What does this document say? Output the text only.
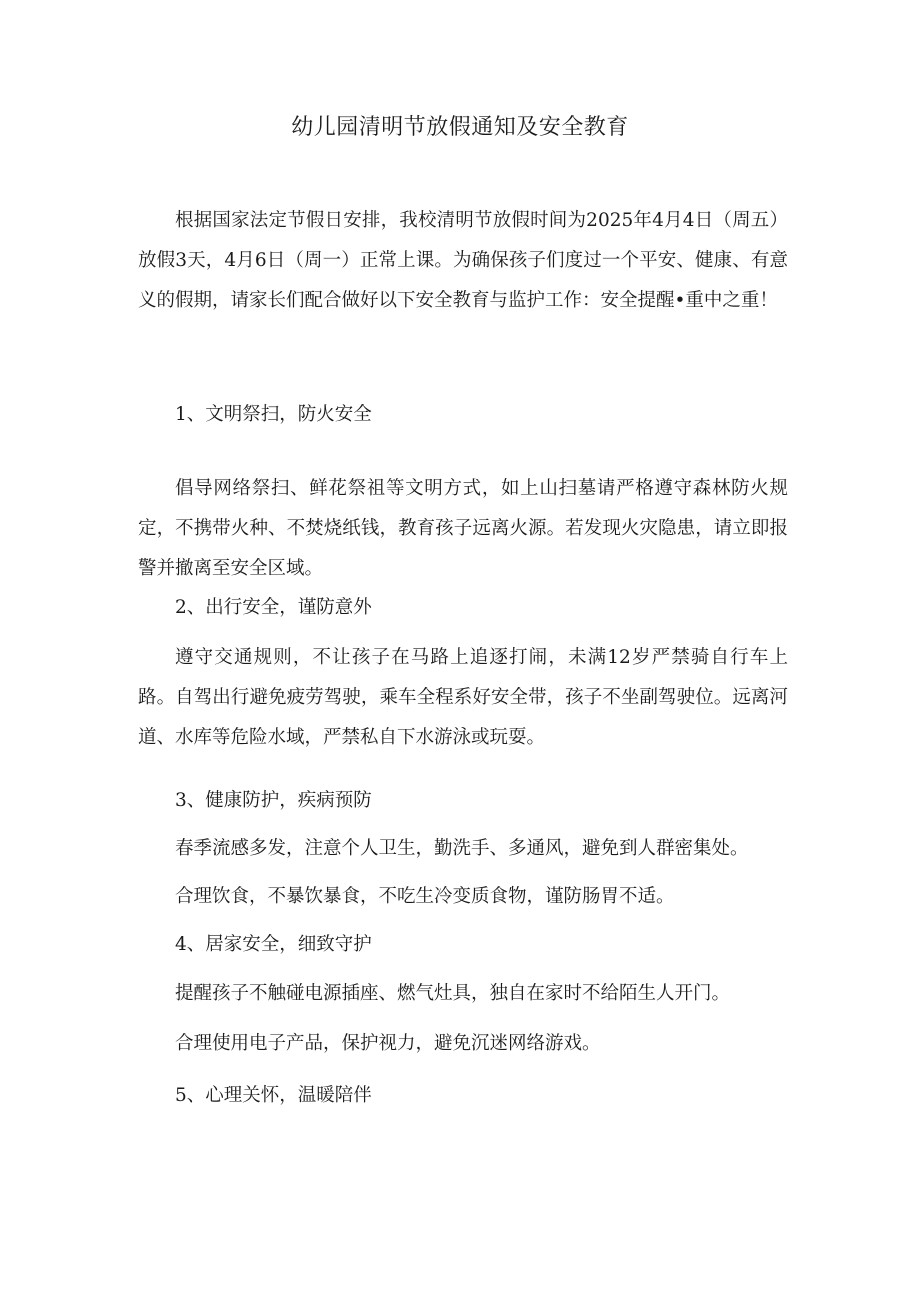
幼儿园清明节放假通知及安全教育

根据国家法定节假日安排，我校清明节放假时间为2025年4月4日（周五）放假3天，4月6日（周一）正常上课。为确保孩子们度过一个平安、健康、有意义的假期，请家长们配合做好以下安全教育与监护工作：安全提醒•重中之重！

1、文明祭扫，防火安全

倡导网络祭扫、鲜花祭祖等文明方式，如上山扫墓请严格遵守森林防火规定，不携带火种、不焚烧纸钱，教育孩子远离火源。若发现火灾隐患，请立即报警并撤离至安全区域。

2、出行安全，谨防意外

遵守交通规则，不让孩子在马路上追逐打闹，未满12岁严禁骑自行车上路。自驾出行避免疲劳驾驶，乘车全程系好安全带，孩子不坐副驾驶位。远离河道、水库等危险水域，严禁私自下水游泳或玩耍。

3、健康防护，疾病预防

春季流感多发，注意个人卫生，勤洗手、多通风，避免到人群密集处。

合理饮食，不暴饮暴食，不吃生冷变质食物，谨防肠胃不适。

4、居家安全，细致守护

提醒孩子不触碰电源插座、燃气灶具，独自在家时不给陌生人开门。

合理使用电子产品，保护视力，避免沉迷网络游戏。

5、心理关怀，温暖陪伴
